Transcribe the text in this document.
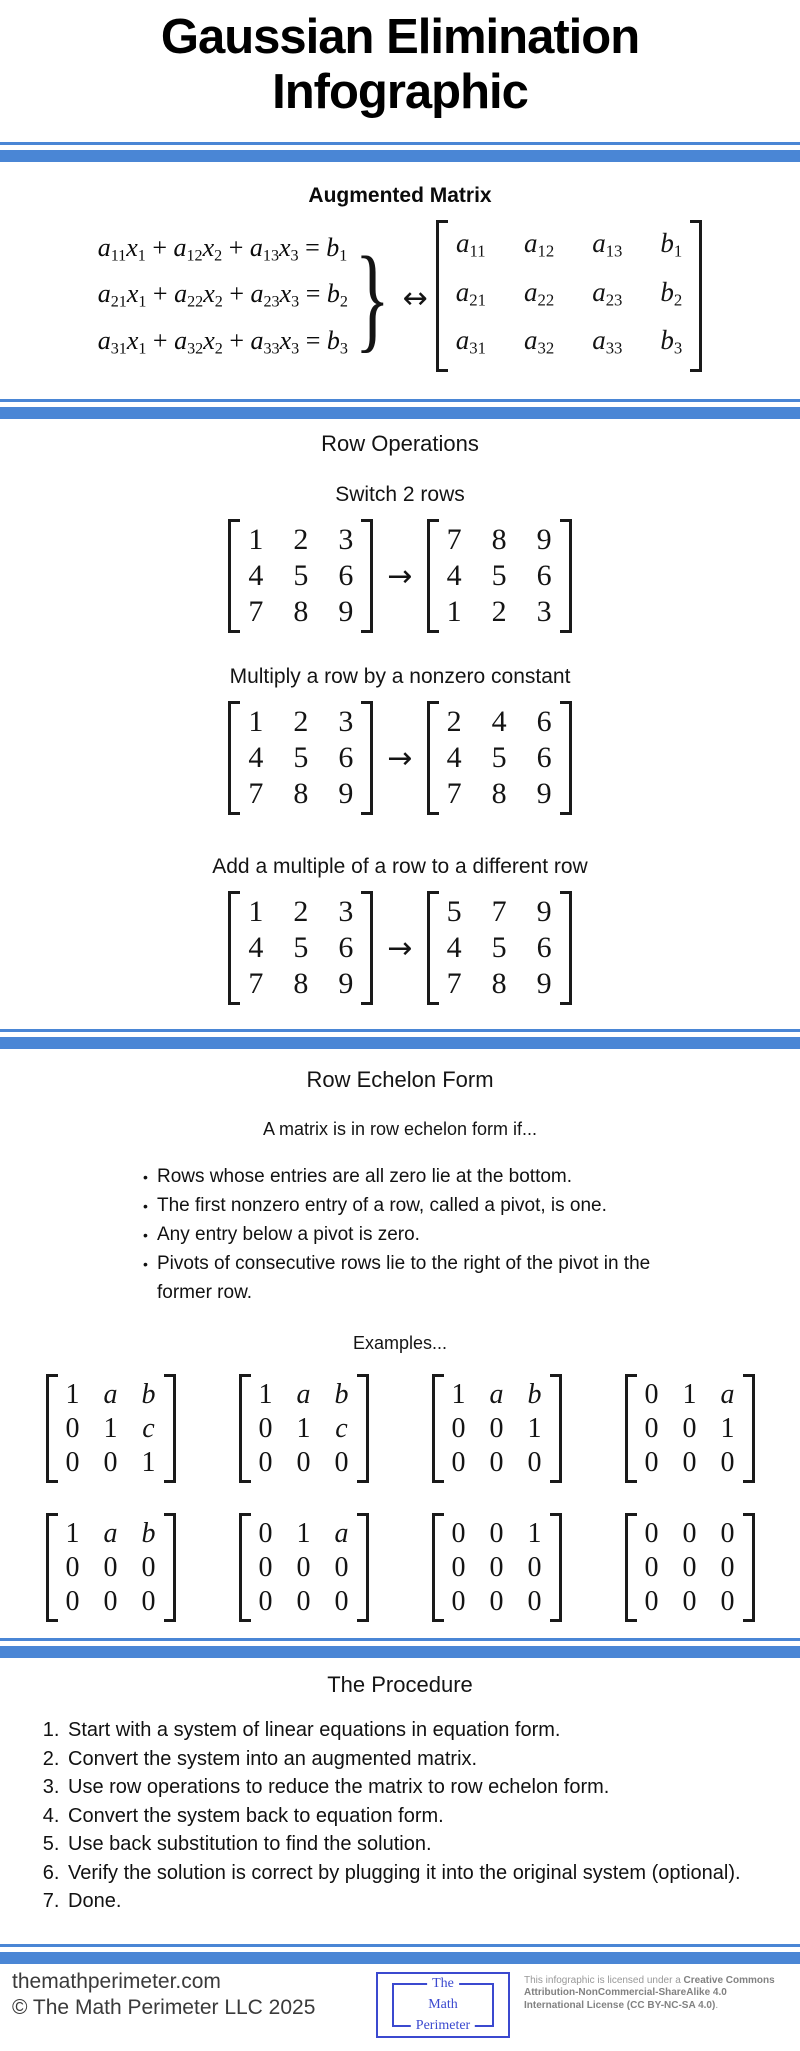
Gaussian Elimination Infographic
Augmented Matrix
$a_{11}x_1 + a_{12}x_2 + a_{13}x_3 = b_1$
$a_{21}x_1 + a_{22}x_2 + a_{23}x_3 = b_2$
$a_{31}x_1 + a_{32}x_2 + a_{33}x_3 = b_3$ } ↔
$a_{11}$ $a_{12}$ $a_{13}$ $b_1$
$a_{21}$ $a_{22}$ $a_{23}$ $b_2$
$a_{31}$ $a_{32}$ $a_{33}$ $b_3$
Row Operations
Switch 2 rows
1 2 3
4 5 6
7 8 9
→
7 8 9
4 5 6
1 2 3
Multiply a row by a nonzero constant
1 2 3
4 5 6
7 8 9
→
2 4 6
4 5 6
7 8 9
Add a multiple of a row to a different row
1 2 3
4 5 6
7 8 9
→
5 7 9
4 5 6
7 8 9
Row Echelon Form
A matrix is in row echelon form if...
• Rows whose entries are all zero lie at the bottom.
• The first nonzero entry of a row, called a pivot, is one.
• Any entry below a pivot is zero.
• Pivots of consecutive rows lie to the right of the pivot in the former row.
Examples...
1 a b
0 1 c
0 0 1
1 a b
0 1 c
0 0 0
1 a b
0 0 1
0 0 0
0 1 a
0 0 1
0 0 0
1 a b
0 0 0
0 0 0
0 1 a
0 0 0
0 0 0
0 0 1
0 0 0
0 0 0
0 0 0
0 0 0
0 0 0
The Procedure
1. Start with a system of linear equations in equation form.
2. Convert the system into an augmented matrix.
3. Use row operations to reduce the matrix to row echelon form.
4. Convert the system back to equation form.
5. Use back substitution to find the solution.
6. Verify the solution is correct by plugging it into the original system (optional).
7. Done.
themathperimeter.com
© The Math Perimeter LLC 2025
The
Math
Perimeter
This infographic is licensed under a Creative Commons Attribution-NonCommercial-ShareAlike 4.0 International License (CC BY-NC-SA 4.0).
